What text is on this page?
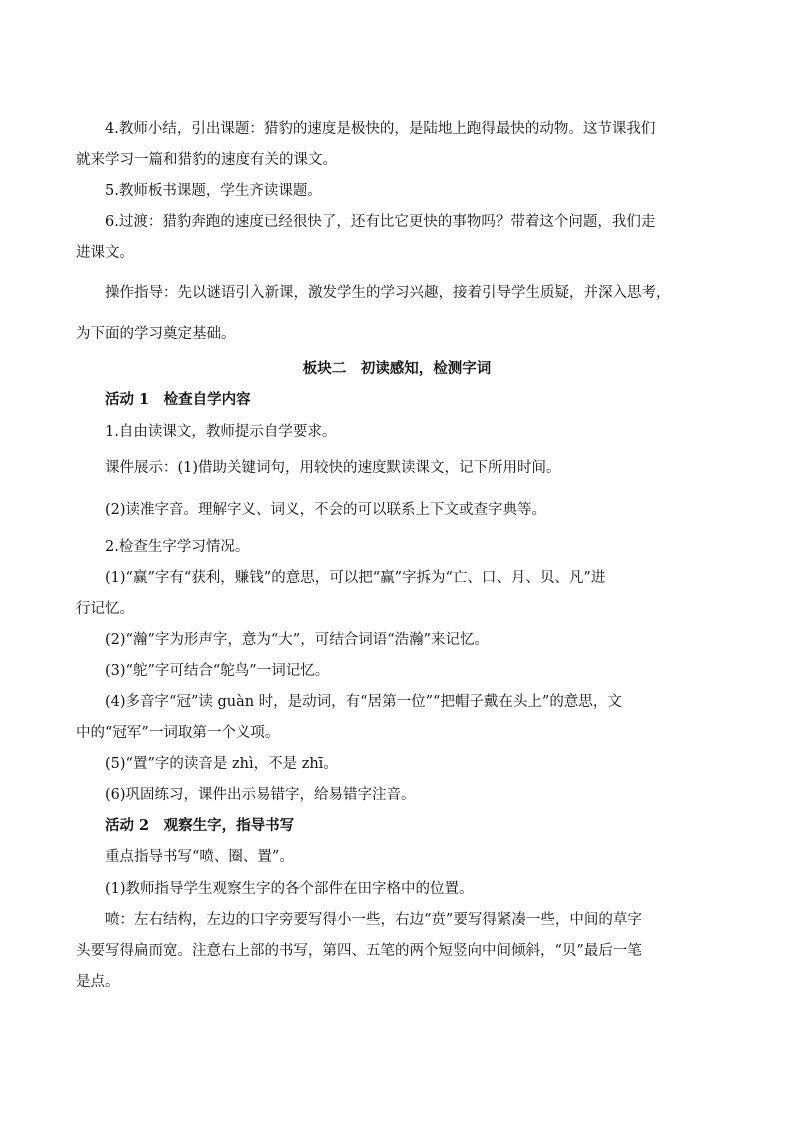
　　4.教师小结，引出课题：猎豹的速度是极快的，是陆地上跑得最快的动物。这节课我们

就来学习一篇和猎豹的速度有关的课文。

　　5.教师板书课题，学生齐读课题。

　　6.过渡：猎豹奔跑的速度已经很快了，还有比它更快的事物吗？带着这个问题，我们走

进课文。

　　操作指导：先以谜语引入新课，激发学生的学习兴趣，接着引导学生质疑，并深入思考，

为下面的学习奠定基础。

板块二　初读感知，检测字词

　　活动 1　检查自学内容

　　1.自由读课文，教师提示自学要求。

　　课件展示：(1)借助关键词句，用较快的速度默读课文，记下所用时间。

　　(2)读准字音。理解字义、词义，不会的可以联系上下文或查字典等。

　　2.检查生字学习情况。

　　(1)“赢”字有“获利，赚钱”的意思，可以把“赢”字拆为“亡、口、月、贝、凡”进

行记忆。

　　(2)“瀚”字为形声字，意为“大”，可结合词语“浩瀚”来记忆。

　　(3)“鸵”字可结合“鸵鸟”一词记忆。

　　(4)多音字“冠”读 guàn 时，是动词，有“居第一位”“把帽子戴在头上”的意思，文

中的“冠军”一词取第一个义项。

　　(5)“置”字的读音是 zhì，不是 zhī。

　　(6)巩固练习，课件出示易错字，给易错字注音。

　　活动 2　观察生字，指导书写

　　重点指导书写“喷、圈、置”。

　　(1)教师指导学生观察生字的各个部件在田字格中的位置。

　　喷：左右结构，左边的口字旁要写得小一些，右边“贲”要写得紧凑一些，中间的草字

头要写得扁而宽。注意右上部的书写，第四、五笔的两个短竖向中间倾斜，“贝”最后一笔

是点。
